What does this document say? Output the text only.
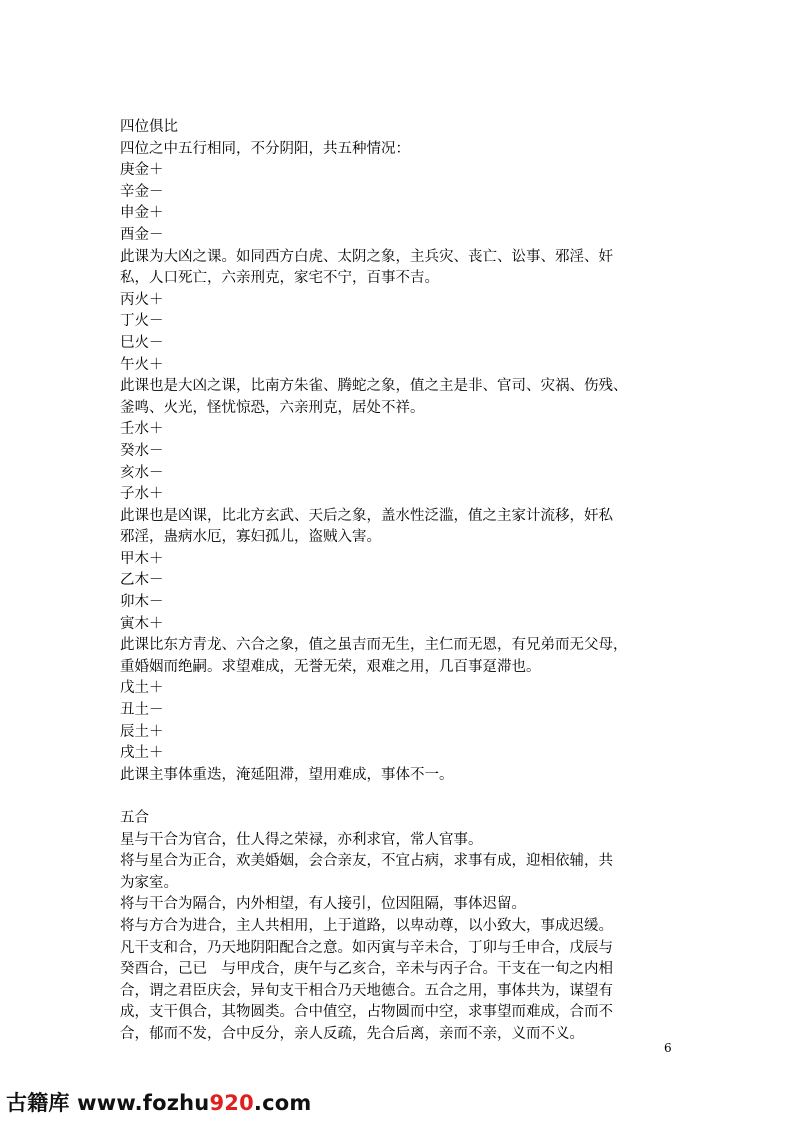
四位俱比
四位之中五行相同，不分阴阳，共五种情况：
庚金＋
辛金－
申金＋
酉金－
此课为大凶之课。如同西方白虎、太阴之象，主兵灾、丧亡、讼事、邪淫、奸
私，人口死亡，六亲刑克，家宅不宁，百事不吉。
丙火＋
丁火－
巳火－
午火＋
此课也是大凶之课，比南方朱雀、腾蛇之象，值之主是非、官司、灾祸、伤残、
釜鸣、火光，怪忧惊恐，六亲刑克，居处不祥。
壬水＋
癸水－
亥水－
子水＋
此课也是凶课，比北方玄武、天后之象，盖水性泛滥，值之主家计流移，奸私
邪淫，蛊病水厄，寡妇孤儿，盗贼入害。
甲木＋
乙木－
卯木－
寅木＋
此课比东方青龙、六合之象，值之虽吉而无生，主仁而无恩，有兄弟而无父母，
重婚姻而绝嗣。求望难成，无誉无荣，艰难之用，几百事趸滞也。
戊土＋
丑土－
辰土＋
戌土＋
此课主事体重迭，淹延阻滞，望用难成，事体不一。
五合
星与干合为官合，仕人得之荣禄，亦利求官，常人官事。
将与星合为正合，欢美婚姻，会合亲友，不宜占病，求事有成，迎相依辅，共
为家室。
将与干合为隔合，内外相望，有人接引，位因阻隔，事体迟留。
将与方合为进合，主人共相用，上于道路，以卑动尊，以小致大，事成迟缓。
凡干支和合，乃天地阴阳配合之意。如丙寅与辛未合，丁卯与壬申合，戊辰与
癸酉合，己已　与甲戌合，庚午与乙亥合，辛未与丙子合。干支在一旬之内相
合，谓之君臣庆会，异旬支干相合乃天地德合。五合之用，事体共为，谋望有
成，支干俱合，其物圆类。合中值空，占物圆而中空，求事望而难成，合而不
合，郁而不发，合中反分，亲人反疏，先合后离，亲而不亲，义而不义。
6
古籍库 www.fozhu920.com
